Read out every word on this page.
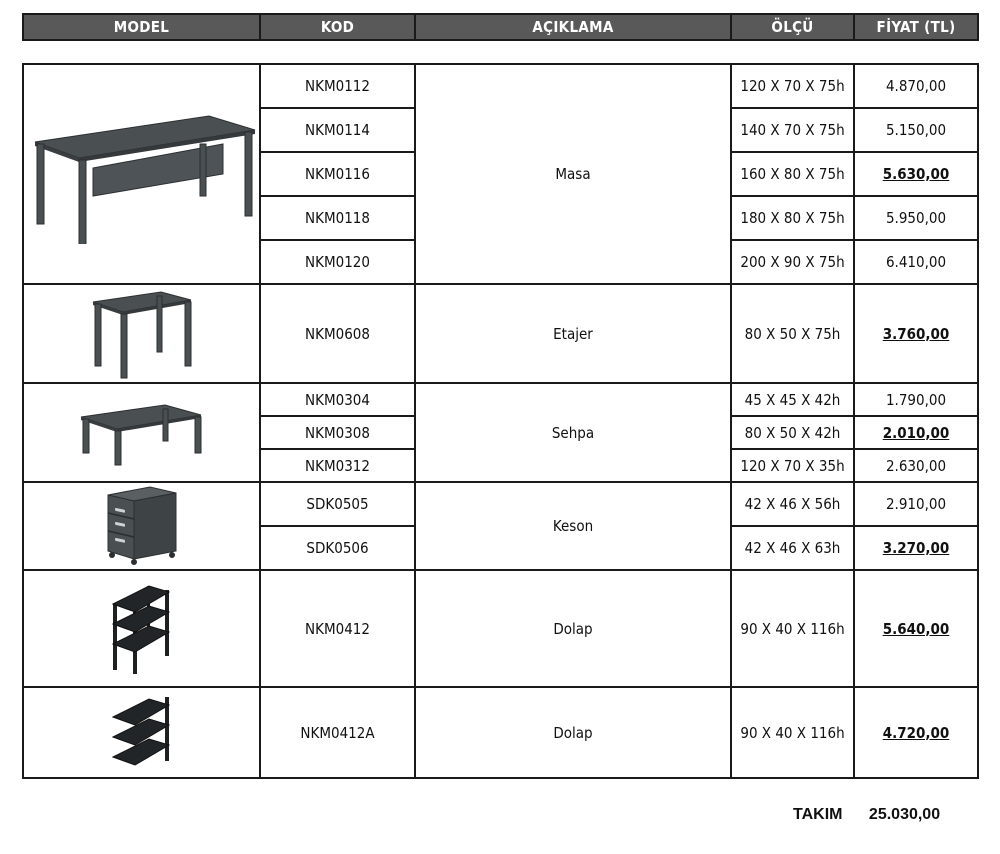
MODEL	KOD	AÇIKLAMA	ÖLÇÜ	FİYAT (TL)
	NKM0112	Masa	120 X 70 X 75h	4.870,00
	NKM0114		140 X 70 X 75h	5.150,00
	NKM0116		160 X 80 X 75h	5.630,00
	NKM0118		180 X 80 X 75h	5.950,00
	NKM0120		200 X 90 X 75h	6.410,00

	NKM0608	Etajer	80 X 50 X 75h	3.760,00

	NKM0304	Sehpa	45 X 45 X 42h	1.790,00
	NKM0308		80 X 50 X 42h	2.010,00
	NKM0312		120 X 70 X 35h	2.630,00

	SDK0505	Keson	42 X 46 X 56h	2.910,00
	SDK0506		42 X 46 X 63h	3.270,00

	NKM0412	Dolap	90 X 40 X 116h	5.640,00

	NKM0412A	Dolap	90 X 40 X 116h	4.720,00
TAKIM 25.030,00
